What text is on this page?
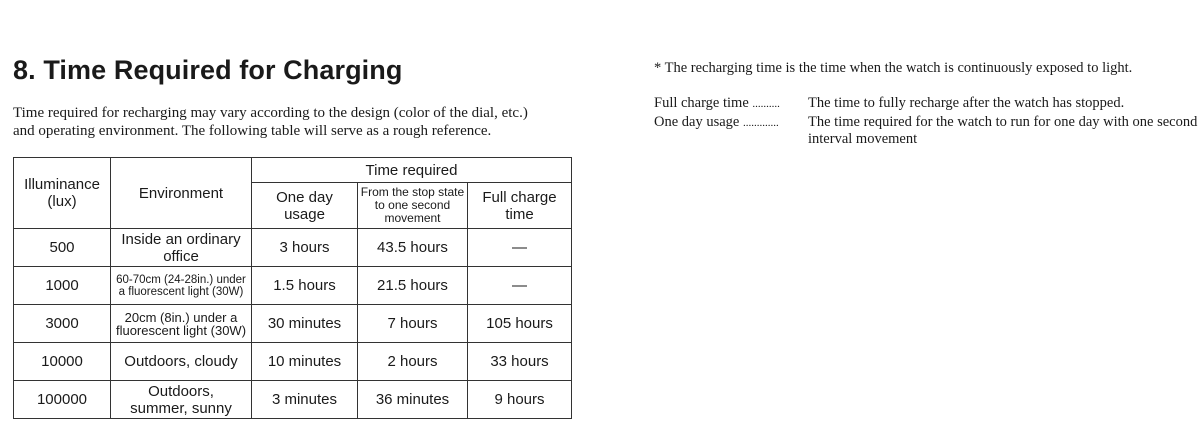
8. Time Required for Charging
Time required for recharging may vary according to the design (color of the dial, etc.)
and operating environment. The following table will serve as a rough reference.
Illuminance (lux)	Environment	Time required		
		One day usage	From the stop state to one second movement	Full charge time
500	Inside an ordinary office	3 hours	43.5 hours	—
1000	60-70cm (24-28in.) under a fluorescent light (30W)	1.5 hours	21.5 hours	—
3000	20cm (8in.) under a fluorescent light (30W)	30 minutes	7 hours	105 hours
10000	Outdoors, cloudy	10 minutes	2 hours	33 hours
100000	Outdoors, summer, sunny	3 minutes	36 minutes	9 hours
* The recharging time is the time when the watch is continuously exposed to light.
Full charge time ..........	The time to fully recharge after the watch has stopped.
One day usage .............	The time required for the watch to run for one day with one second interval movement
